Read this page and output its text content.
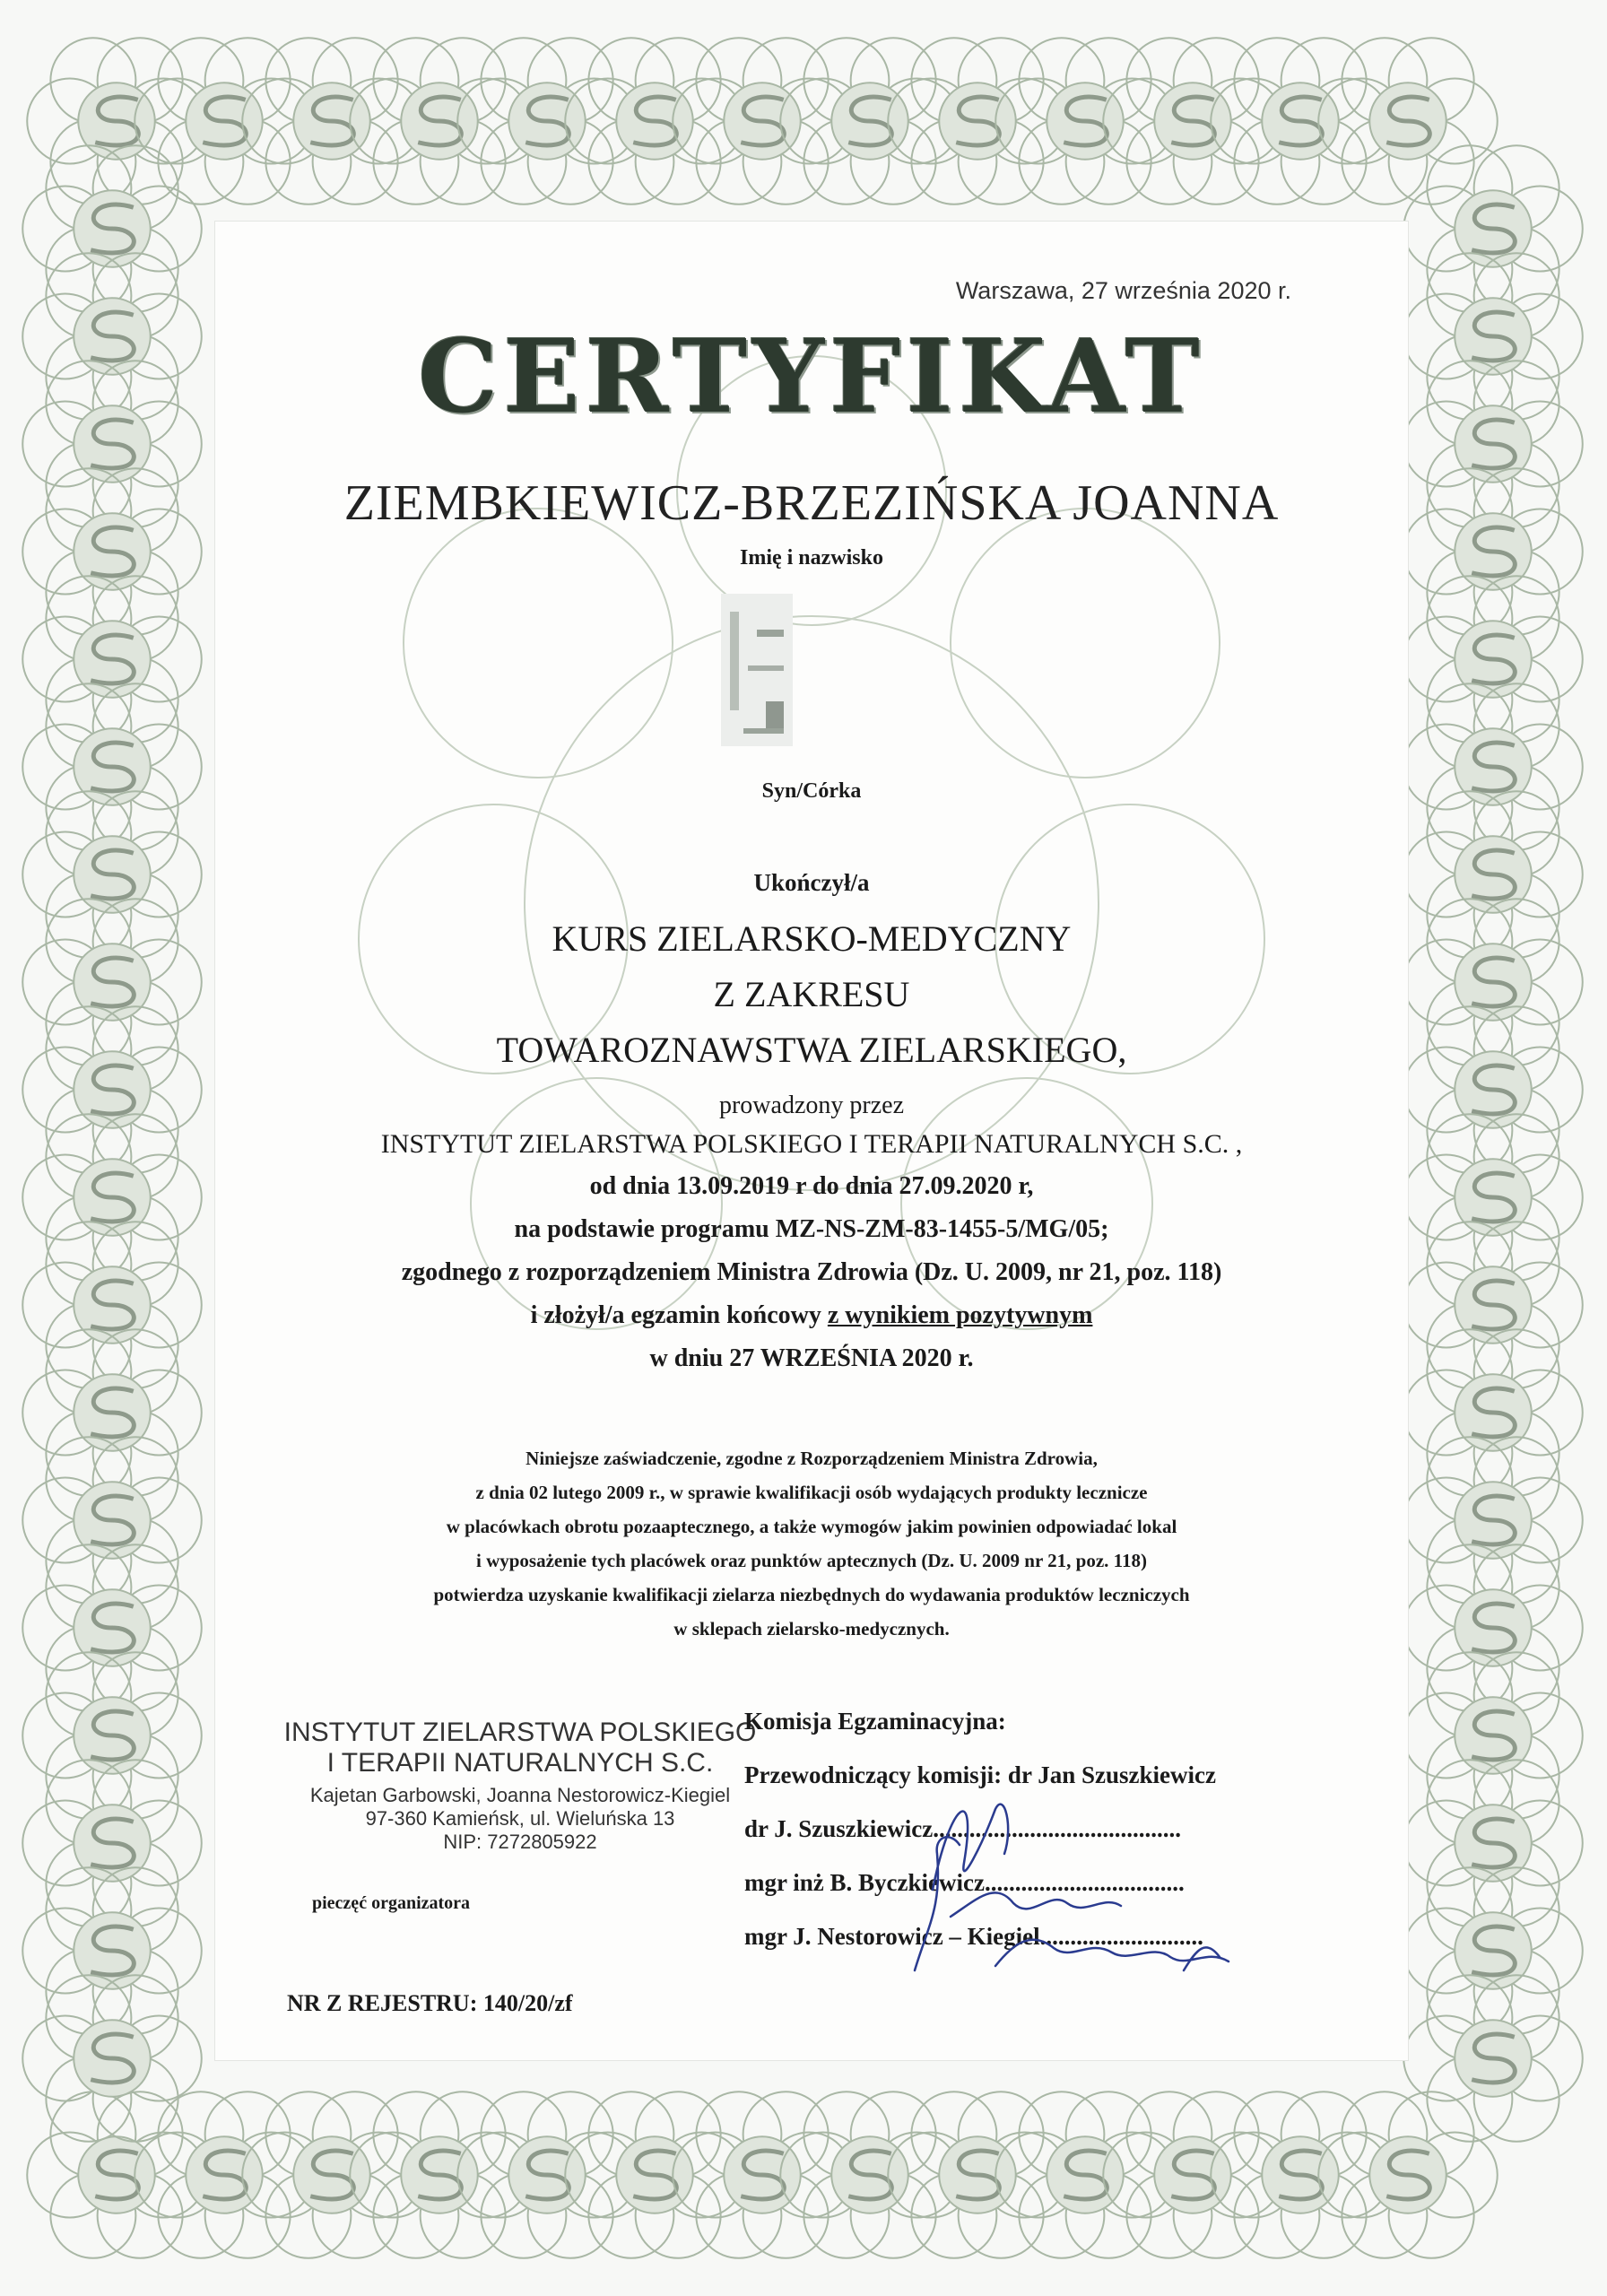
Warszawa, 27 września 2020 r.
CERTYFIKAT
ZIEMBKIEWICZ-BRZEZIŃSKA JOANNA
Imię i nazwisko
Syn/Córka
Ukończył/a
KURS ZIELARSKO-MEDYCZNY
Z ZAKRESU
TOWAROZNAWSTWA ZIELARSKIEGO,
prowadzony przez
INSTYTUT ZIELARSTWA POLSKIEGO I TERAPII NATURALNYCH S.C. ,
od dnia 13.09.2019 r do dnia 27.09.2020 r,
na podstawie programu MZ-NS-ZM-83-1455-5/MG/05;
zgodnego z rozporządzeniem Ministra Zdrowia (Dz. U. 2009, nr 21, poz. 118)
i złożył/a egzamin końcowy z wynikiem pozytywnym
w dniu 27 WRZEŚNIA 2020 r.
Niniejsze zaświadczenie, zgodne z Rozporządzeniem Ministra Zdrowia,
z dnia 02 lutego 2009 r., w sprawie kwalifikacji osób wydających produkty lecznicze
w placówkach obrotu pozaaptecznego, a także wymogów jakim powinien odpowiadać lokal
i wyposażenie tych placówek oraz punktów aptecznych (Dz. U. 2009 nr 21, poz. 118)
potwierdza uzyskanie kwalifikacji zielarza niezbędnych do wydawania produktów leczniczych
w sklepach zielarsko-medycznych.
INSTYTUT ZIELARSTWA POLSKIEGO
I TERAPII NATURALNYCH S.C.
Kajetan Garbowski, Joanna Nestorowicz-Kiegiel
97-360 Kamieńsk, ul. Wieluńska 13
NIP: 7272805922
pieczęć organizatora
Komisja Egzaminacyjna:
Przewodniczący komisji: dr Jan Szuszkiewicz
dr J. Szuszkiewicz.........................................
mgr inż B. Byczkiewicz.................................
mgr J. Nestorowicz – Kiegiel...........................
NR Z REJESTRU: 140/20/zf
